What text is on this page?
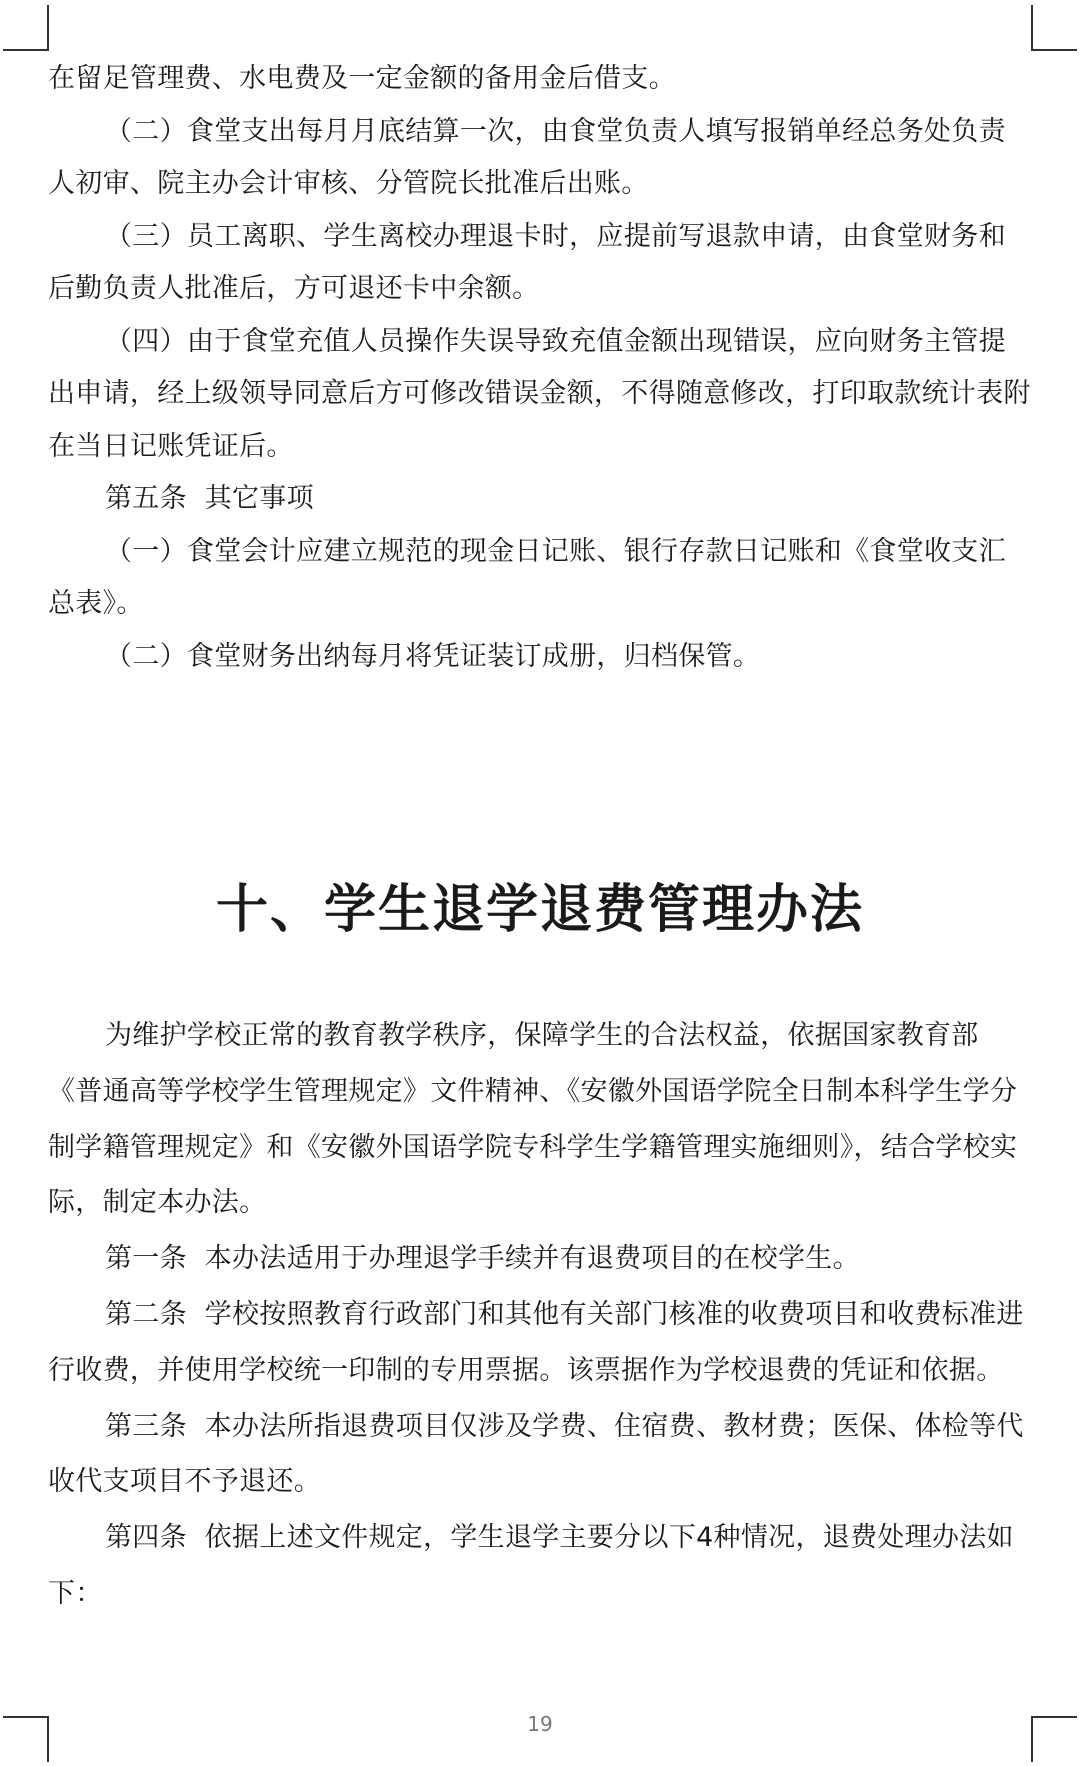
在留足管理费、水电费及一定金额的备用金后借支。

（二）食堂支出每月月底结算一次，由食堂负责人填写报销单经总务处负责人初审、院主办会计审核、分管院长批准后出账。

（三）员工离职、学生离校办理退卡时，应提前写退款申请，由食堂财务和后勤负责人批准后，方可退还卡中余额。

（四）由于食堂充值人员操作失误导致充值金额出现错误，应向财务主管提出申请，经上级领导同意后方可修改错误金额，不得随意修改，打印取款统计表附在当日记账凭证后。

第五条  其它事项

（一）食堂会计应建立规范的现金日记账、银行存款日记账和《食堂收支汇总表》。

（二）食堂财务出纳每月将凭证装订成册，归档保管。

十、学生退学退费管理办法

为维护学校正常的教育教学秩序，保障学生的合法权益，依据国家教育部《普通高等学校学生管理规定》文件精神、《安徽外国语学院全日制本科学生学分制学籍管理规定》和《安徽外国语学院专科学生学籍管理实施细则》，结合学校实际，制定本办法。

第一条  本办法适用于办理退学手续并有退费项目的在校学生。

第二条  学校按照教育行政部门和其他有关部门核准的收费项目和收费标准进行收费，并使用学校统一印制的专用票据。该票据作为学校退费的凭证和依据。

第三条  本办法所指退费项目仅涉及学费、住宿费、教材费；医保、体检等代收代支项目不予退还。

第四条  依据上述文件规定，学生退学主要分以下4种情况，退费处理办法如下：

19
